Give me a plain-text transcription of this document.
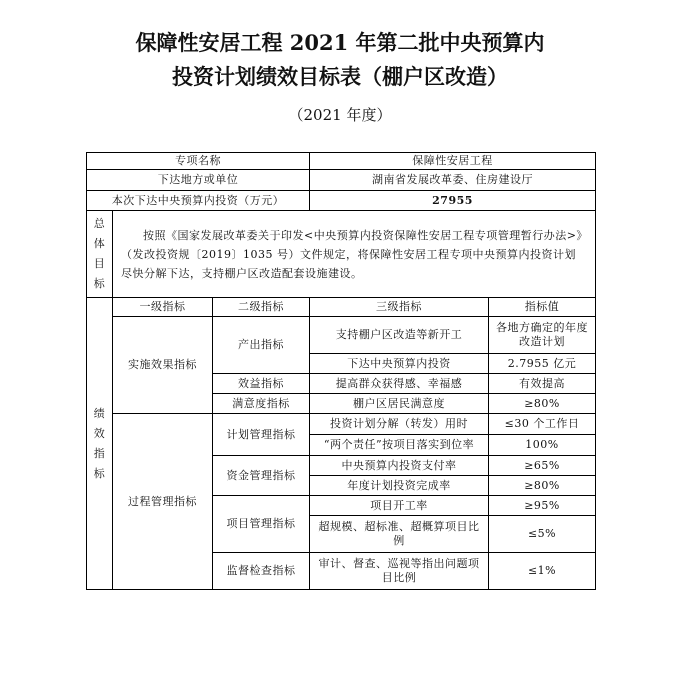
保障性安居工程 2021 年第二批中央预算内
投资计划绩效目标表（棚户区改造）
（2021 年度）
专项名称			保障性安居工程	
下达地方或单位			湖南省发展改革委、住房建设厅	
本次下达中央预算内投资（万元）			27955	

总体目标	按照《国家发展改革委关于印发<中央预算内投资保障性安居工程专项管理暂行办法>》（发改投资规〔2019〕1035 号）文件规定，将保障性安居工程专项中央预算内投资计划尽快分解下达，支持棚户区改造配套设施建设。			

绩效指标	一级指标	二级指标	三级指标	指标值
	实施效果指标	产出指标	支持棚户区改造等新开工	各地方确定的年度改造计划
			下达中央预算内投资	2.7955 亿元
		效益指标	提高群众获得感、幸福感	有效提高
		满意度指标	棚户区居民满意度	≥80%
	过程管理指标	计划管理指标	投资计划分解（转发）用时	≤30 个工作日
			“两个责任”按项目落实到位率	100%
		资金管理指标	中央预算内投资支付率	≥65%
			年度计划投资完成率	≥80%
		项目管理指标	项目开工率	≥95%
			超规模、超标准、超概算项目比例	≤5%
		监督检查指标	审计、督查、巡视等指出问题项目比例	≤1%
